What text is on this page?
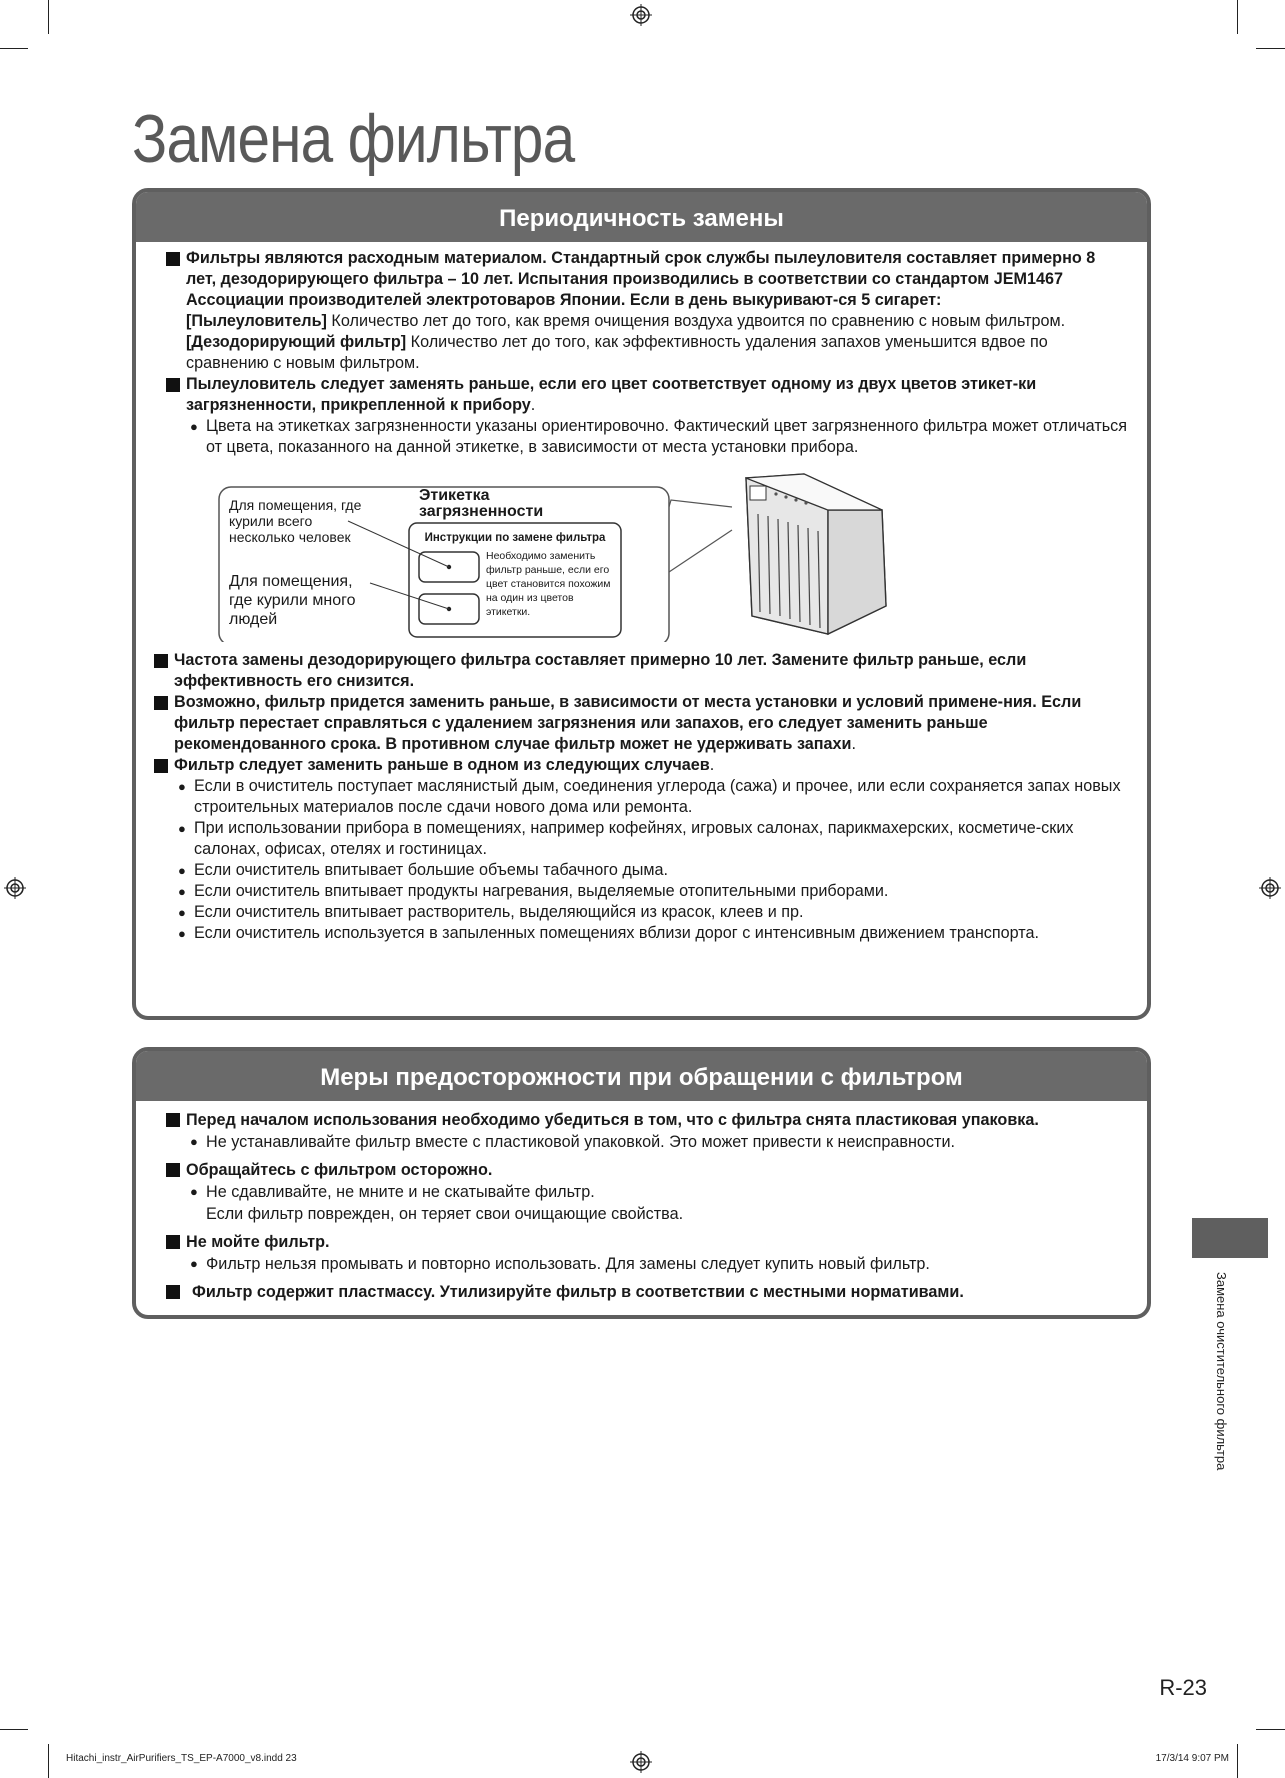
Замена фильтра
Периодичность замены
Фильтры являются расходным материалом. Стандартный срок службы пылеуловителя составляет примерно 8 лет, дезодорирующего фильтра – 10 лет. Испытания производились в соответствии со стандартом JEM1467 Ассоциации производителей электротоваров Японии. Если в день выкуривают-ся 5 сигарет:
[Пылеуловитель] Количество лет до того, как время очищения воздуха удвоится по сравнению с новым фильтром.
[Дезодорирующий фильтр] Количество лет до того, как эффективность удаления запахов уменьшится вдвое по сравнению с новым фильтром.
Пылеуловитель следует заменять раньше, если его цвет соответствует одному из двух цветов этикет-ки загрязненности, прикрепленной к прибору.
● Цвета на этикетках загрязненности указаны ориентировочно. Фактический цвет загрязненного фильтра может отличаться от цвета, показанного на данной этикетке, в зависимости от места установки прибора.
Для помещения, где курили всего несколько человек
Для помещения, где курили много людей
Этикетка загрязненности
Инструкции по замене фильтра
Необходимо заменить фильтр раньше, если его цвет становится похожим на один из цветов этикетки.
Частота замены дезодорирующего фильтра составляет примерно 10 лет. Замените фильтр раньше, если эффективность его снизится.
Возможно, фильтр придется заменить раньше, в зависимости от места установки и условий примене-ния. Если фильтр перестает справляться с удалением загрязнения или запахов, его следует заменить раньше рекомендованного срока. В противном случае фильтр может не удерживать запахи.
Фильтр следует заменить раньше в одном из следующих случаев.
● Если в очиститель поступает маслянистый дым, соединения углерода (сажа) и прочее, или если сохраняется запах новых строительных материалов после сдачи нового дома или ремонта.
● При использовании прибора в помещениях, например кофейнях, игровых салонах, парикмахерских, косметиче-ских салонах, офисах, отелях и гостиницах.
● Если очиститель впитывает большие объемы табачного дыма.
● Если очиститель впитывает продукты нагревания, выделяемые отопительными приборами.
● Если очиститель впитывает растворитель, выделяющийся из красок, клеев и пр.
● Если очиститель используется в запыленных помещениях вблизи дорог с интенсивным движением транспорта.
Меры предосторожности при обращении с фильтром
Перед началом использования необходимо убедиться в том, что с фильтра снята пластиковая упаковка.
● Не устанавливайте фильтр вместе с пластиковой упаковкой. Это может привести к неисправности.
Обращайтесь с фильтром осторожно.
● Не сдавливайте, не мните и не скатывайте фильтр.
Если фильтр поврежден, он теряет свои очищающие свойства.
Не мойте фильтр.
● Фильтр нельзя промывать и повторно использовать. Для замены следует купить новый фильтр.
Фильтр содержит пластмассу. Утилизируйте фильтр в соответствии с местными нормативами.	Замена очистительного фильтра
R-23
Hitachi_instr_AirPurifiers_TS_EP-A7000_v8.indd 23	17/3/14 9:07 PM
